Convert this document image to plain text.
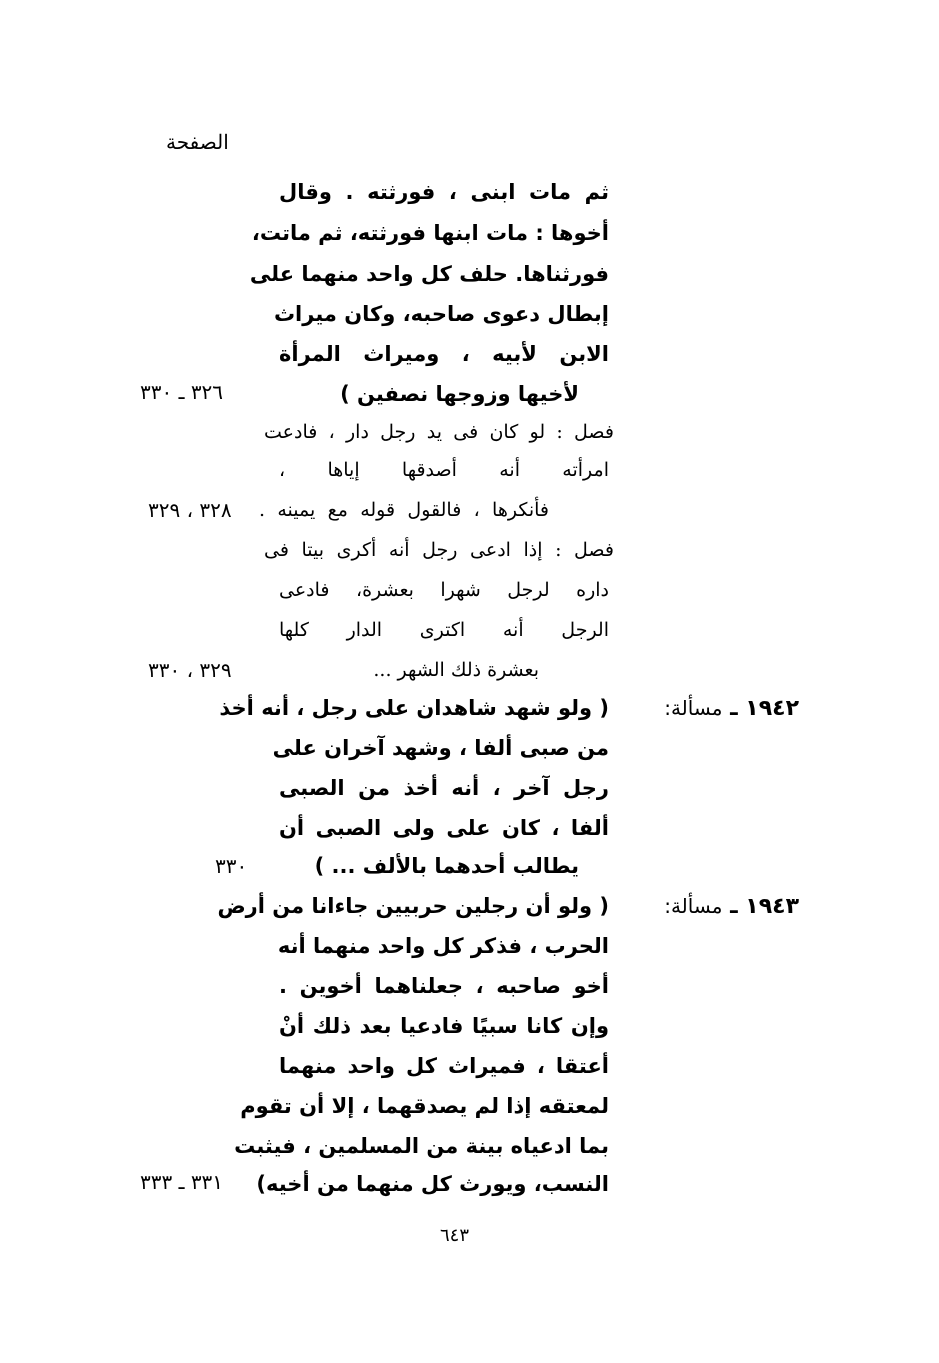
الصفحة
ثم مات ابنى ، فورثته . وقال
أخوها : مات ابنها فورثته، ثم ماتت،
فورثناها. حلف كل واحد منهما على
إبطال دعوى صاحبه، وكان ميراث
الابن لأبيه ، وميراث المرأة
لأخيها وزوجها نصفين )
فصل : لو كان فى يد رجل دار ، فادعت
امرأته أنه أصدقها إياها ،
فأنكرها ، فالقول قوله مع يمينه .
فصل : إذا ادعى رجل أنه أكرى بيتا فى
داره لرجل شهرا بعشرة، فادعى
الرجل أنه اكترى الدار كلها
بعشرة ذلك الشهر ...
( ولو شهد شاهدان على رجل ، أنه أخذ
من صبى ألفا ، وشهد آخران على
رجل آخر ، أنه أخذ من الصبى
ألفا ، كان على ولى الصبى أن
يطالب أحدهما بالألف ... )
( ولو أن رجلين حربيين جاءانا من أرض
الحرب ، فذكر كل واحد منهما أنه
أخو صاحبه ، جعلناهما أخوين .
وإن كانا سبيًا فادعيا بعد ذلك أنْ
أعتقا ، فميراث كل واحد منهما
لمعتقه إذا لم يصدقهما ، إلا أن تقوم
بما ادعياه بينة من المسلمين ، فيثبت
النسب، ويورث كل منهما من أخيه)
١٩٤٢ ـ مسألة:
١٩٤٣ ـ مسألة:
٣٢٦ ـ ٣٣٠
٣٢٨ ، ٣٢٩
٣٢٩ ، ٣٣٠
٣٣٠
٣٣١ ـ ٣٣٣
٦٤٣
